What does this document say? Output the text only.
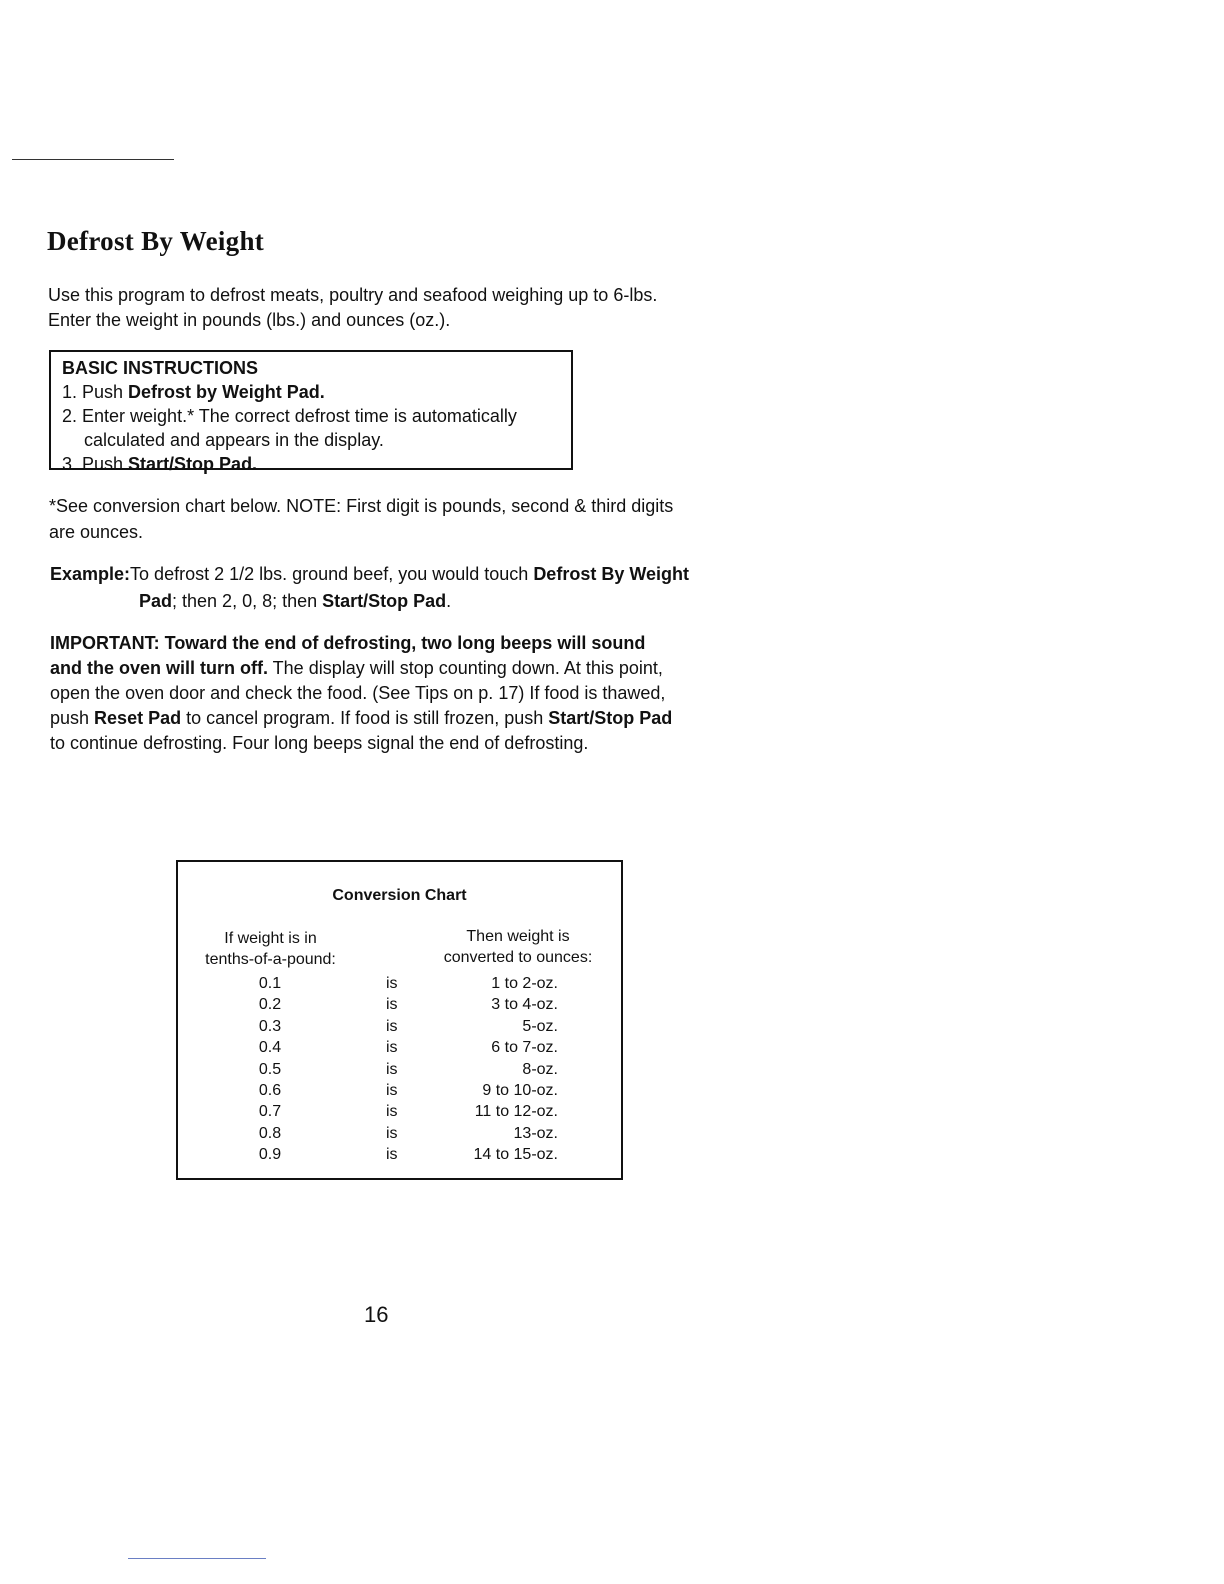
Defrost By Weight

Use this program to defrost meats, poultry and seafood weighing up to 6-lbs.

Enter the weight in pounds (lbs.) and ounces (oz.).

BASIC INSTRUCTIONS
1. Push Defrost by Weight Pad.
2. Enter weight.* The correct defrost time is automatically
calculated and appears in the display.
3. Push Start/Stop Pad.

*See conversion chart below. NOTE: First digit is pounds, second & third digits

are ounces.

Example:To defrost 2 1/2 lbs. ground beef, you would touch Defrost By Weight

Pad; then 2, 0, 8; then Start/Stop Pad.

IMPORTANT: Toward the end of defrosting, two long beeps will sound

and the oven will turn off. The display will stop counting down. At this point,

open the oven door and check the food. (See Tips on p. 17) If food is thawed,

push Reset Pad to cancel program. If food is still frozen, push Start/Stop Pad

to continue defrosting. Four long beeps signal the end of defrosting.

Conversion Chart
If weight is in
tenths-of-a-pound:
Then weight is
converted to ounces:
0.1	is	1 to 2-oz.
0.2	is	3 to 4-oz.
0.3	is	5-oz.
0.4	is	6 to 7-oz.
0.5	is	8-oz.
0.6	is	9 to 10-oz.
0.7	is	11 to 12-oz.
0.8	is	13-oz.
0.9	is	14 to 15-oz.
16
